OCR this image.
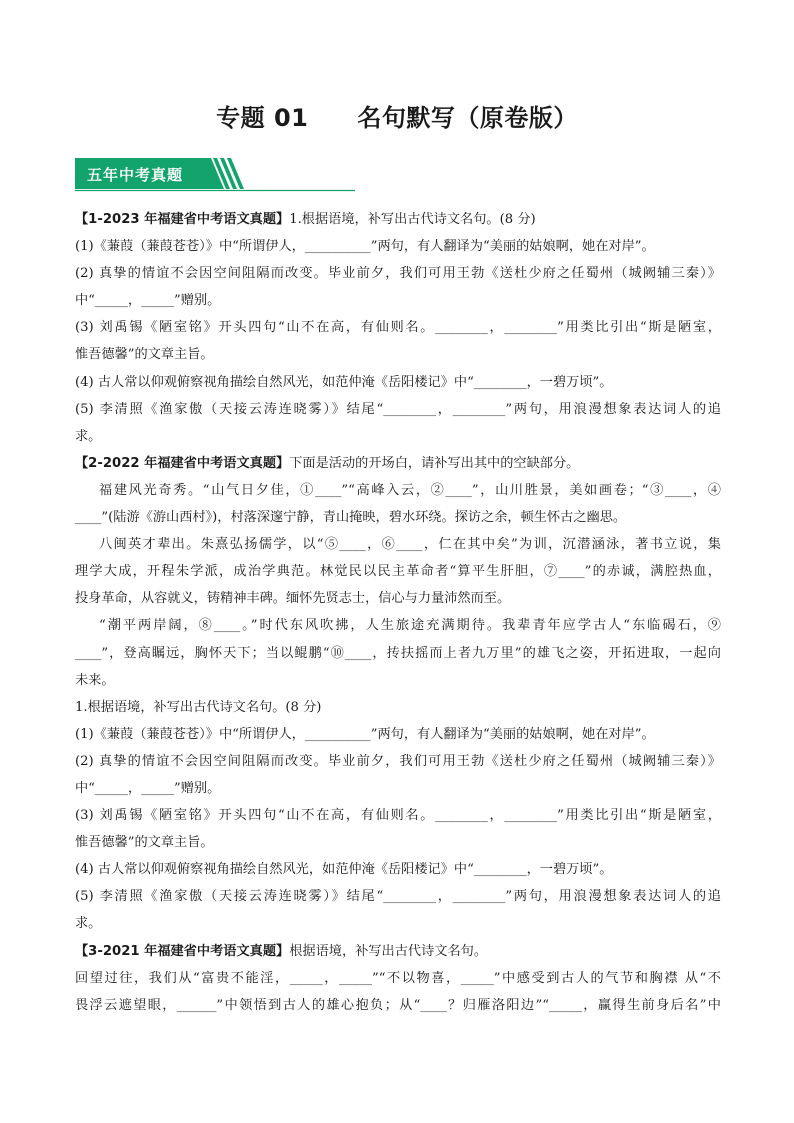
专题 01　　名句默写（原卷版）
五年中考真题
【1-2023 年福建省中考语文真题】1.根据语境，补写出古代诗文名句。(8 分)
(1)《蒹葭（蒹葭苍苍）》中“所谓伊人，__________”两句，有人翻译为“美丽的姑娘啊，她在对岸”。
(2) 真挚的情谊不会因空间阻隔而改变。毕业前夕，我们可用王勃《送杜少府之任蜀州（城阙辅三秦）》
中“_____，_____”赠别。
(3) 刘禹锡《陋室铭》开头四句“山不在高，有仙则名。________，________”用类比引出“斯是陋室，
惟吾德馨”的文章主旨。
(4) 古人常以仰观俯察视角描绘自然风光，如范仲淹《岳阳楼记》中“________，一碧万顷”。
(5) 李清照《渔家傲（天接云涛连晓雾）》结尾“________，________”两句，用浪漫想象表达词人的追
求。
【2-2022 年福建省中考语文真题】下面是活动的开场白，请补写出其中的空缺部分。
福建风光奇秀。“山气日夕佳，①____”“高峰入云，②____”，山川胜景，美如画卷；“③____，④
____”(陆游《游山西村》)，村落深邃宁静，青山掩映，碧水环绕。探访之余，顿生怀古之幽思。
八闽英才辈出。朱熹弘扬儒学，以“⑤____，⑥____，仁在其中矣”为训，沉潜涵泳，著书立说，集
理学大成，开程朱学派，成治学典范。林觉民以民主革命者“算平生肝胆，⑦____”的赤诚，满腔热血，
投身革命，从容就义，铸精神丰碑。缅怀先贤志士，信心与力量沛然而至。
“潮平两岸阔，⑧____。”时代东风吹拂，人生旅途充满期待。我辈青年应学古人“东临碣石，⑨
____”，登高瞩远，胸怀天下；当以鲲鹏“⑩____，抟扶摇而上者九万里”的雄飞之姿，开拓进取，一起向
未来。
1.根据语境，补写出古代诗文名句。(8 分)
(1)《蒹葭（蒹葭苍苍）》中“所谓伊人，__________”两句，有人翻译为“美丽的姑娘啊，她在对岸”。
(2) 真挚的情谊不会因空间阻隔而改变。毕业前夕，我们可用王勃《送杜少府之任蜀州（城阙辅三秦）》
中“_____，_____”赠别。
(3) 刘禹锡《陋室铭》开头四句“山不在高，有仙则名。________，________”用类比引出“斯是陋室，
惟吾德馨”的文章主旨。
(4) 古人常以仰观俯察视角描绘自然风光，如范仲淹《岳阳楼记》中“________，一碧万顷”。
(5) 李清照《渔家傲（天接云涛连晓雾）》结尾“________，________”两句，用浪漫想象表达词人的追
求。
【3-2021 年福建省中考语文真题】根据语境，补写出古代诗文名句。
回望过往，我们从“富贵不能淫，_____，_____”“不以物喜，_____”中感受到古人的气节和胸襟 从“不
畏浮云遮望眼，______”中领悟到古人的雄心抱负；从“____？归雁洛阳边”“_____，赢得生前身后名”中
